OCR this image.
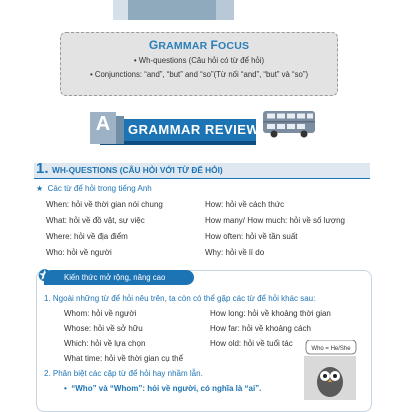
GRAMMAR FOCUS
• Wh-questions (Câu hỏi có từ để hỏi)
• Conjunctions: “and”, “but” and “so”(Từ nối “and”, “but” và “so”)
A	GRAMMAR REVIEW
1. WH-QUESTIONS (CÂU HỎI VỚI TỪ ĐỂ HỎI)
★ Các từ để hỏi trong tiếng Anh
When: hỏi về thời gian nói chung
What: hỏi về đồ vật, sự việc
Where: hỏi về địa điểm
Who: hỏi về người
How: hỏi về cách thức
How many/ How much: hỏi về số lượng
How often: hỏi về tần suất
Why: hỏi về lí do
✪ Kiến thức mở rộng, nâng cao
1. Ngoài những từ để hỏi nêu trên, ta còn có thể gặp các từ để hỏi khác sau:
Whom: hỏi về người
Whose: hỏi về sở hữu
Which: hỏi về lựa chọn
What time: hỏi về thời gian cụ thể
How long: hỏi về khoảng thời gian
How far: hỏi về khoảng cách
How old: hỏi về tuổi tác
2. Phân biệt các cặp từ để hỏi hay nhầm lẫn.
•  “Who” và “Whom”: hỏi về người, có nghĩa là “ai”.
Who = He/She
